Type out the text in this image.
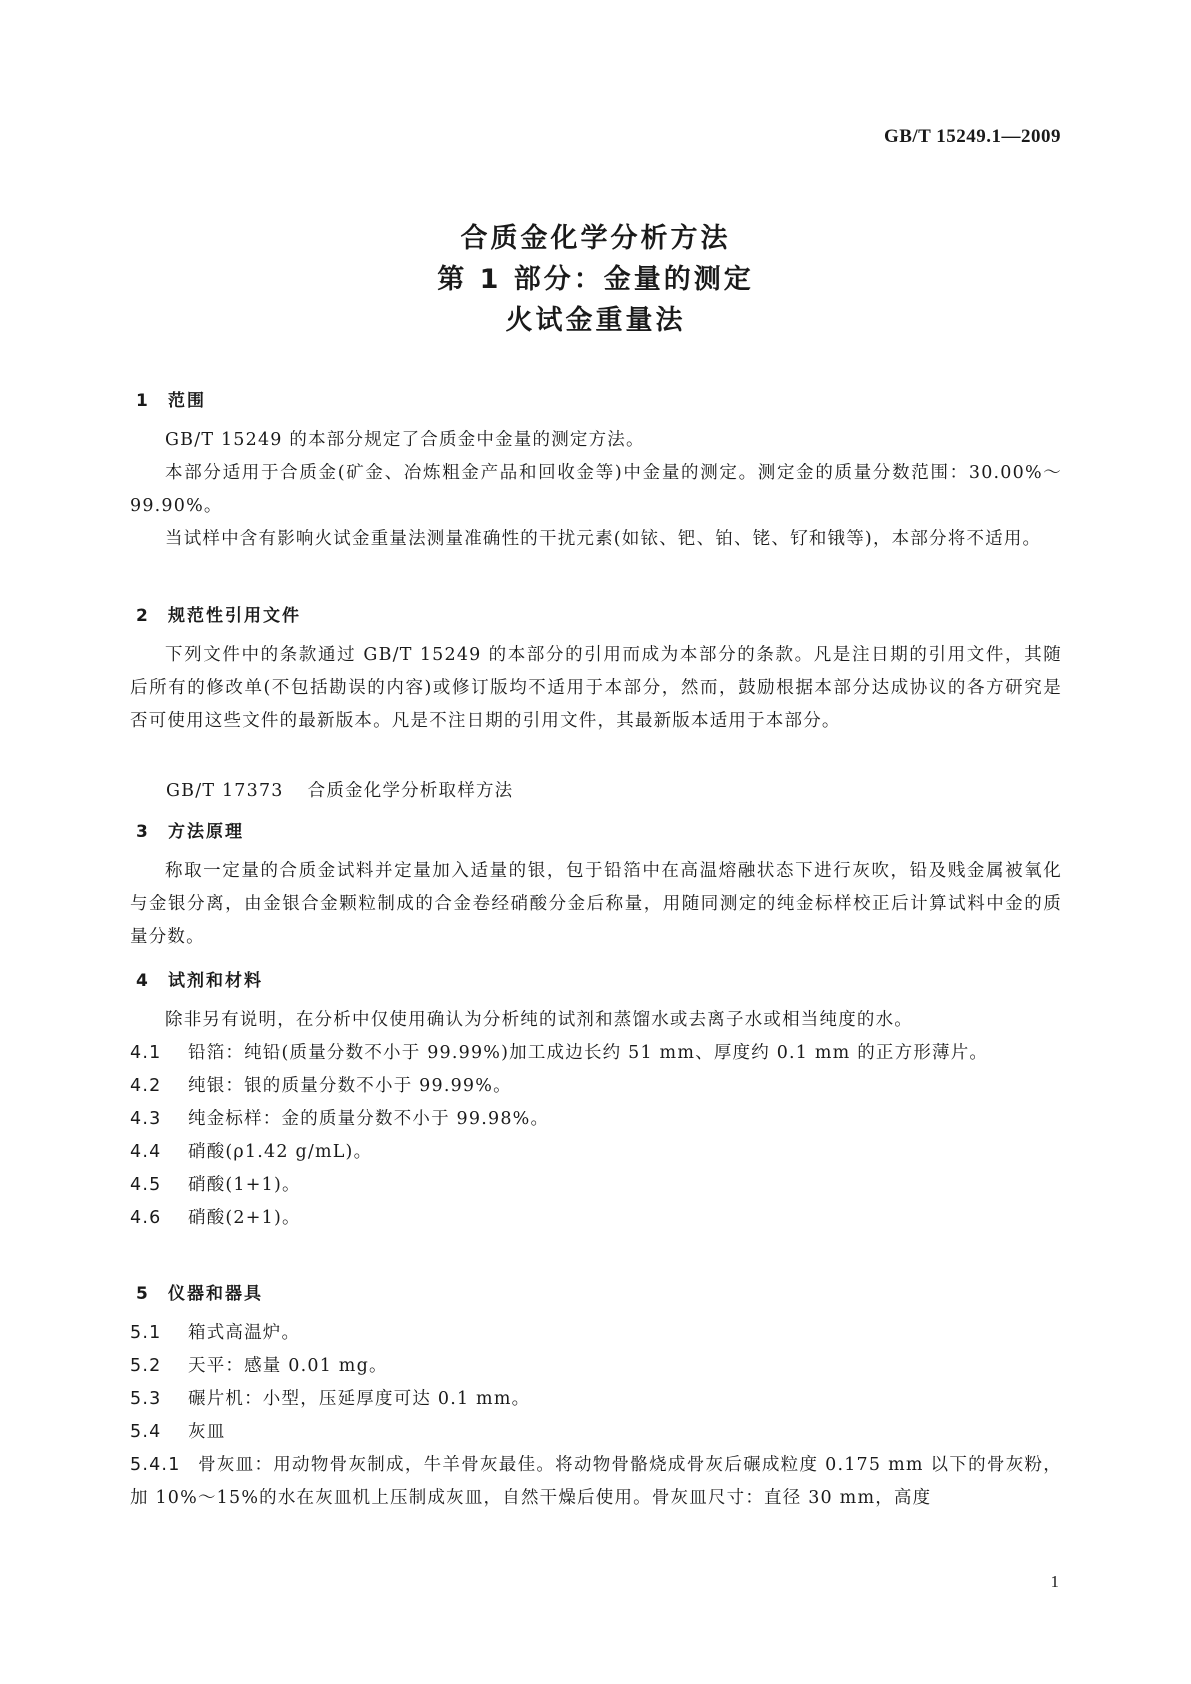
GB/T 15249.1—2009
合质金化学分析方法
第 1 部分：金量的测定
火试金重量法
1 范围

GB/T 15249 的本部分规定了合质金中金量的测定方法。

本部分适用于合质金(矿金、冶炼粗金产品和回收金等)中金量的测定。测定金的质量分数范围：30.00%～99.90%。

当试样中含有影响火试金重量法测量准确性的干扰元素(如铱、钯、铂、铑、钌和锇等)，本部分将不适用。

2 规范性引用文件

下列文件中的条款通过 GB/T 15249 的本部分的引用而成为本部分的条款。凡是注日期的引用文件，其随后所有的修改单(不包括勘误的内容)或修订版均不适用于本部分，然而，鼓励根据本部分达成协议的各方研究是否可使用这些文件的最新版本。凡是不注日期的引用文件，其最新版本适用于本部分。

GB/T 17373 合质金化学分析取样方法
3 方法原理

称取一定量的合质金试料并定量加入适量的银，包于铅箔中在高温熔融状态下进行灰吹，铅及贱金属被氧化与金银分离，由金银合金颗粒制成的合金卷经硝酸分金后称量，用随同测定的纯金标样校正后计算试料中金的质量分数。

4 试剂和材料

除非另有说明，在分析中仅使用确认为分析纯的试剂和蒸馏水或去离子水或相当纯度的水。

4.1 铅箔：纯铅(质量分数不小于 99.99%)加工成边长约 51 mm、厚度约 0.1 mm 的正方形薄片。

4.2 纯银：银的质量分数不小于 99.99%。

4.3 纯金标样：金的质量分数不小于 99.98%。

4.4 硝酸(ρ1.42 g/mL)。

4.5 硝酸(1+1)。

4.6 硝酸(2+1)。

5 仪器和器具

5.1 箱式高温炉。

5.2 天平：感量 0.01 mg。

5.3 碾片机：小型，压延厚度可达 0.1 mm。

5.4 灰皿

5.4.1 骨灰皿：用动物骨灰制成，牛羊骨灰最佳。将动物骨骼烧成骨灰后碾成粒度 0.175 mm 以下的骨灰粉，加 10%～15%的水在灰皿机上压制成灰皿，自然干燥后使用。骨灰皿尺寸：直径 30 mm，高度

1
